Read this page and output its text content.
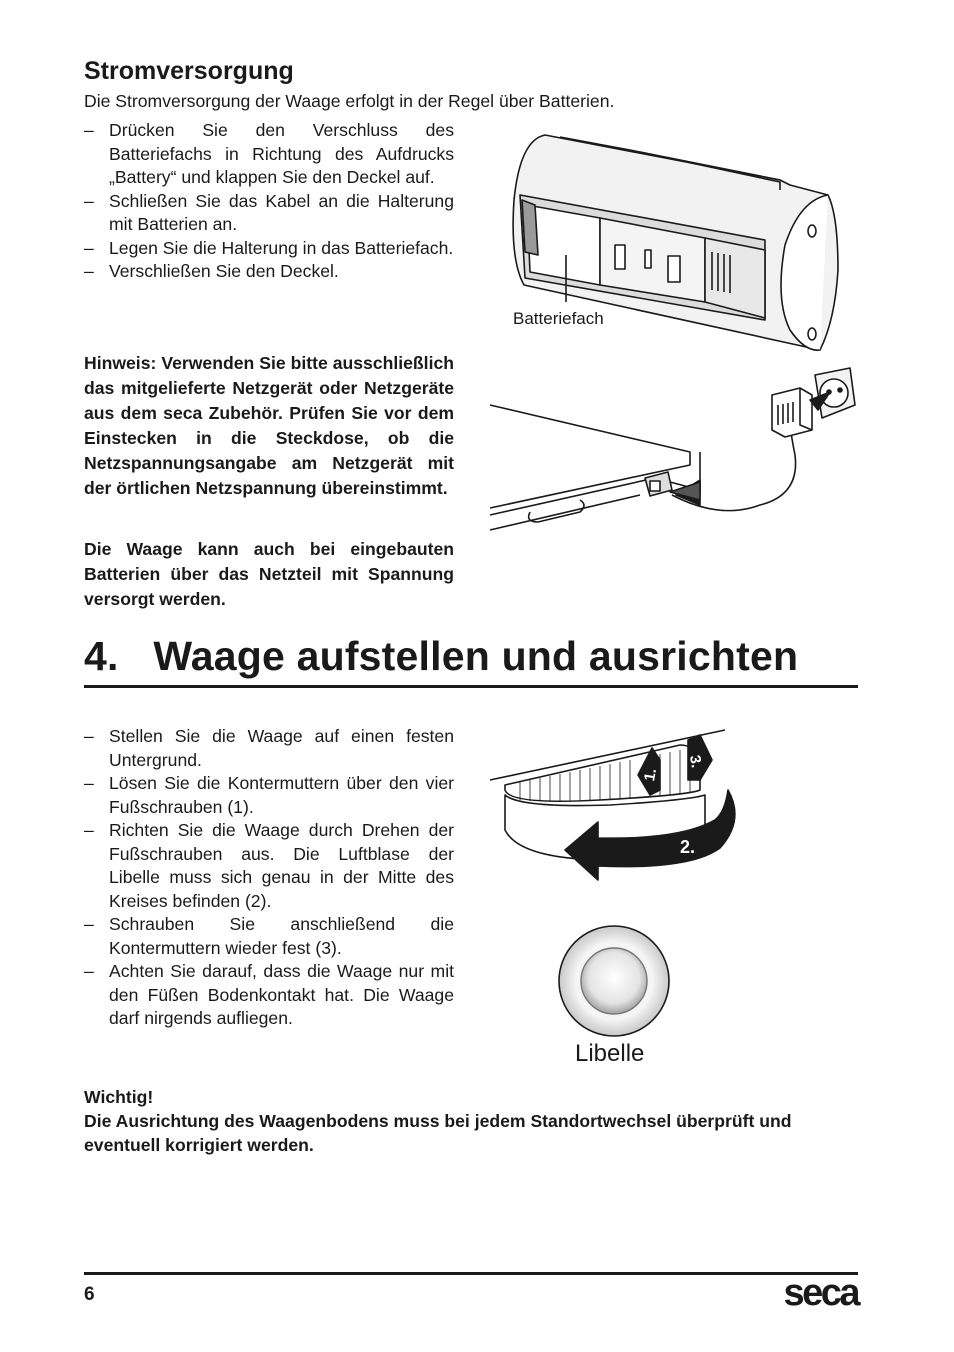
Stromversorgung
Die Stromversorgung der Waage erfolgt in der Regel über Batterien.
– Drücken Sie den Verschluss des Batteriefachs in Richtung des Aufdrucks „Battery“ und klappen Sie den Deckel auf.
– Schließen Sie das Kabel an die Halterung mit Batterien an.
– Legen Sie die Halterung in das Batteriefach.
– Verschließen Sie den Deckel.
Hinweis: Verwenden Sie bitte ausschließlich das mitgelieferte Netzgerät oder Netzgeräte aus dem seca Zubehör. Prüfen Sie vor dem Einstecken in die Steckdose, ob die Netzspannungsangabe am Netzgerät mit der örtlichen Netzspannung übereinstimmt.
Die Waage kann auch bei eingebauten Batterien über das Netzteil mit Spannung versorgt werden.
Batteriefach
4.   Waage aufstellen und ausrichten
– Stellen Sie die Waage auf einen festen Untergrund.
– Lösen Sie die Kontermuttern über den vier Fußschrauben (1).
– Richten Sie die Waage durch Drehen der Fußschrauben aus. Die Luftblase der Libelle muss sich genau in der Mitte des Kreises befinden (2).
– Schrauben Sie anschließend die Kontermuttern wieder fest (3).
– Achten Sie darauf, dass die Waage nur mit den Füßen Bodenkontakt hat. Die Waage darf nirgends aufliegen.
1.
3.
2.
Libelle
Wichtig!
Die Ausrichtung des Waagenbodens muss bei jedem Standortwechsel überprüft und eventuell korrigiert werden.
6	seca
